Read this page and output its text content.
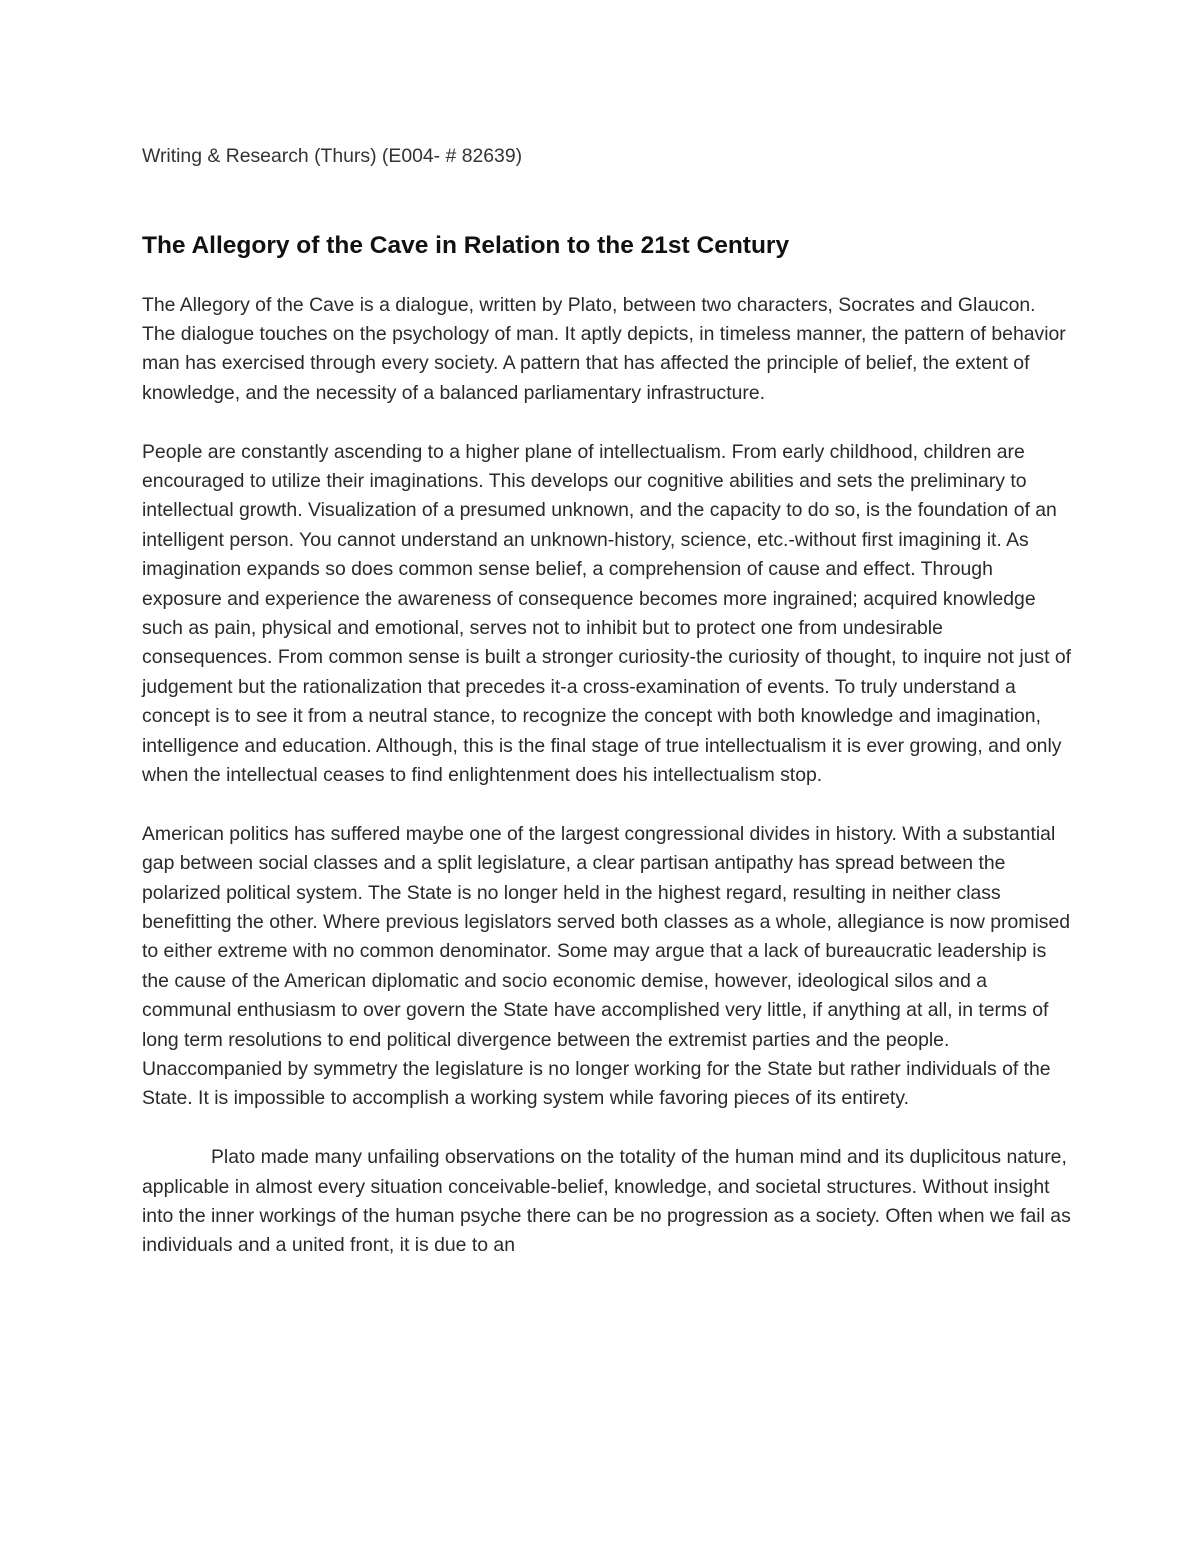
Writing & Research (Thurs) (E004- # 82639)

The Allegory of the Cave in Relation to the 21st Century

The Allegory of the Cave is a dialogue, written by Plato, between two characters, Socrates and Glaucon. The dialogue touches on the psychology of man. It aptly depicts, in timeless manner, the pattern of behavior man has exercised through every society. A pattern that has affected the principle of belief, the extent of knowledge, and the necessity of a balanced parliamentary infrastructure.

People are constantly ascending to a higher plane of intellectualism. From early childhood, children are encouraged to utilize their imaginations. This develops our cognitive abilities and sets the preliminary to intellectual growth. Visualization of a presumed unknown, and the capacity to do so, is the foundation of an intelligent person. You cannot understand an unknown-history, science, etc.-without first imagining it. As imagination expands so does common sense belief, a comprehension of cause and effect. Through exposure and experience the awareness of consequence becomes more ingrained; acquired knowledge such as pain, physical and emotional, serves not to inhibit but to protect one from undesirable consequences. From common sense is built a stronger curiosity-the curiosity of thought, to inquire not just of judgement but the rationalization that precedes it-a cross-examination of events. To truly understand a concept is to see it from a neutral stance, to recognize the concept with both knowledge and imagination, intelligence and education. Although, this is the final stage of true intellectualism it is ever growing, and only when the intellectual ceases to find enlightenment does his intellectualism stop.

American politics has suffered maybe one of the largest congressional divides in history. With a substantial gap between social classes and a split legislature, a clear partisan antipathy has spread between the polarized political system. The State is no longer held in the highest regard, resulting in neither class benefitting the other. Where previous legislators served both classes as a whole, allegiance is now promised to either extreme with no common denominator. Some may argue that a lack of bureaucratic leadership is the cause of the American diplomatic and socio economic demise, however, ideological silos and a communal enthusiasm to over govern the State have accomplished very little, if anything at all, in terms of long term resolutions to end political divergence between the extremist parties and the people. Unaccompanied by symmetry the legislature is no longer working for the State but rather individuals of the State. It is impossible to accomplish a working system while favoring pieces of its entirety.

Plato made many unfailing observations on the totality of the human mind and its duplicitous nature, applicable in almost every situation conceivable-belief, knowledge, and societal structures. Without insight into the inner workings of the human psyche there can be no progression as a society. Often when we fail as individuals and a united front, it is due to an
